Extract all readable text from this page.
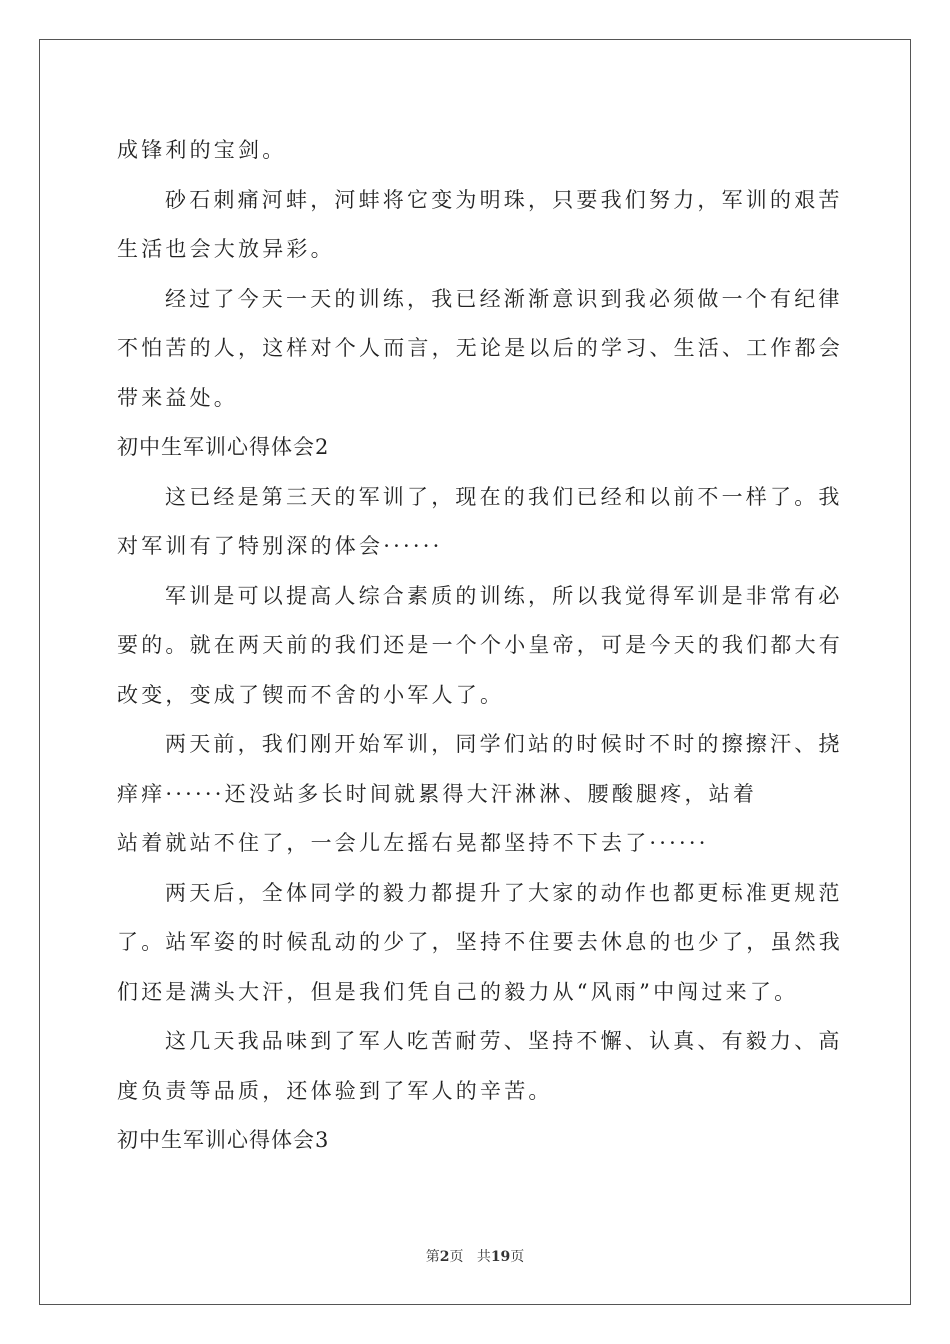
成锋利的宝剑。
砂石刺痛河蚌，河蚌将它变为明珠，只要我们努力，军训的艰苦
生活也会大放异彩。
经过了今天一天的训练，我已经渐渐意识到我必须做一个有纪律
不怕苦的人，这样对个人而言，无论是以后的学习、生活、工作都会
带来益处。
初中生军训心得体会2
这已经是第三天的军训了，现在的我们已经和以前不一样了。我
对军训有了特别深的体会······
军训是可以提高人综合素质的训练，所以我觉得军训是非常有必
要的。就在两天前的我们还是一个个小皇帝，可是今天的我们都大有
改变，变成了锲而不舍的小军人了。
两天前，我们刚开始军训，同学们站的时候时不时的擦擦汗、挠
痒痒······还没站多长时间就累得大汗淋淋、腰酸腿疼，站着
站着就站不住了，一会儿左摇右晃都坚持不下去了······
两天后，全体同学的毅力都提升了大家的动作也都更标准更规范
了。站军姿的时候乱动的少了，坚持不住要去休息的也少了，虽然我
们还是满头大汗，但是我们凭自己的毅力从“风雨”中闯过来了。
这几天我品味到了军人吃苦耐劳、坚持不懈、认真、有毅力、高
度负责等品质，还体验到了军人的辛苦。
初中生军训心得体会3
第2页 共19页
